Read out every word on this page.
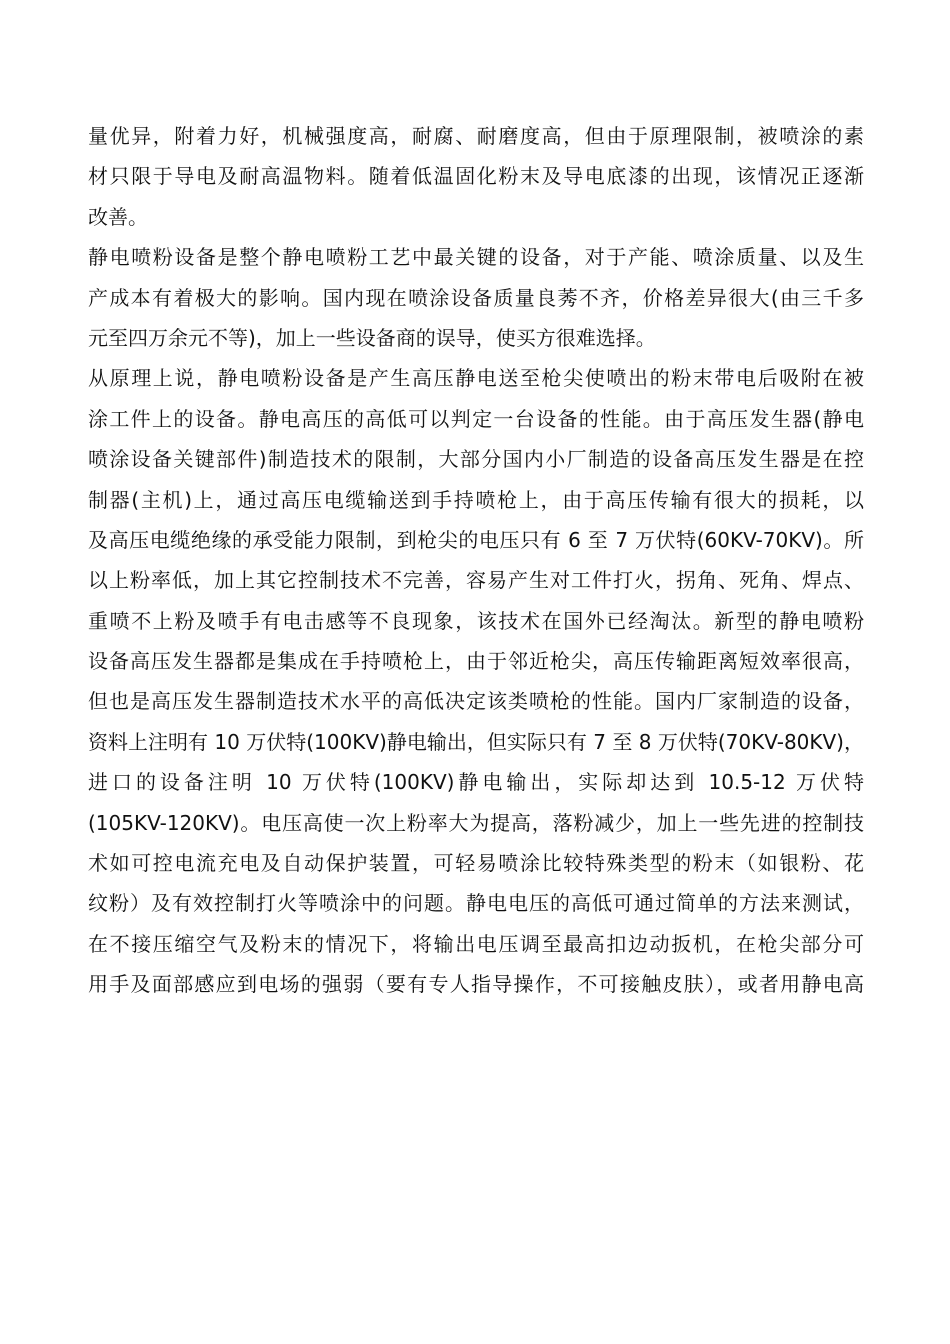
量优异，附着力好，机械强度高，耐腐、耐磨度高，但由于原理限制，被喷涂的素
材只限于导电及耐高温物料。随着低温固化粉末及导电底漆的出现，该情况正逐渐
改善。
静电喷粉设备是整个静电喷粉工艺中最关键的设备，对于产能、喷涂质量、以及生
产成本有着极大的影响。国内现在喷涂设备质量良莠不齐，价格差异很大(由三千多
元至四万余元不等)，加上一些设备商的误导，使买方很难选择。
从原理上说，静电喷粉设备是产生高压静电送至枪尖使喷出的粉末带电后吸附在被
涂工件上的设备。静电高压的高低可以判定一台设备的性能。由于高压发生器(静电
喷涂设备关键部件)制造技术的限制，大部分国内小厂制造的设备高压发生器是在控
制器(主机)上，通过高压电缆输送到手持喷枪上，由于高压传输有很大的损耗，以
及高压电缆绝缘的承受能力限制，到枪尖的电压只有 6 至 7 万伏特(60KV-70KV)。所
以上粉率低，加上其它控制技术不完善，容易产生对工件打火，拐角、死角、焊点、
重喷不上粉及喷手有电击感等不良现象，该技术在国外已经淘汰。新型的静电喷粉
设备高压发生器都是集成在手持喷枪上，由于邻近枪尖，高压传输距离短效率很高，
但也是高压发生器制造技术水平的高低决定该类喷枪的性能。国内厂家制造的设备，
资料上注明有 10 万伏特(100KV)静电输出，但实际只有 7 至 8 万伏特(70KV-80KV)，
进口的设备注明 10 万伏特(100KV)静电输出，实际却达到 10.5-12 万伏特
(105KV-120KV)。电压高使一次上粉率大为提高，落粉减少，加上一些先进的控制技
术如可控电流充电及自动保护装置，可轻易喷涂比较特殊类型的粉末（如银粉、花
纹粉）及有效控制打火等喷涂中的问题。静电电压的高低可通过简单的方法来测试，
在不接压缩空气及粉末的情况下，将输出电压调至最高扣边动扳机，在枪尖部分可
用手及面部感应到电场的强弱（要有专人指导操作，不可接触皮肤），或者用静电高
